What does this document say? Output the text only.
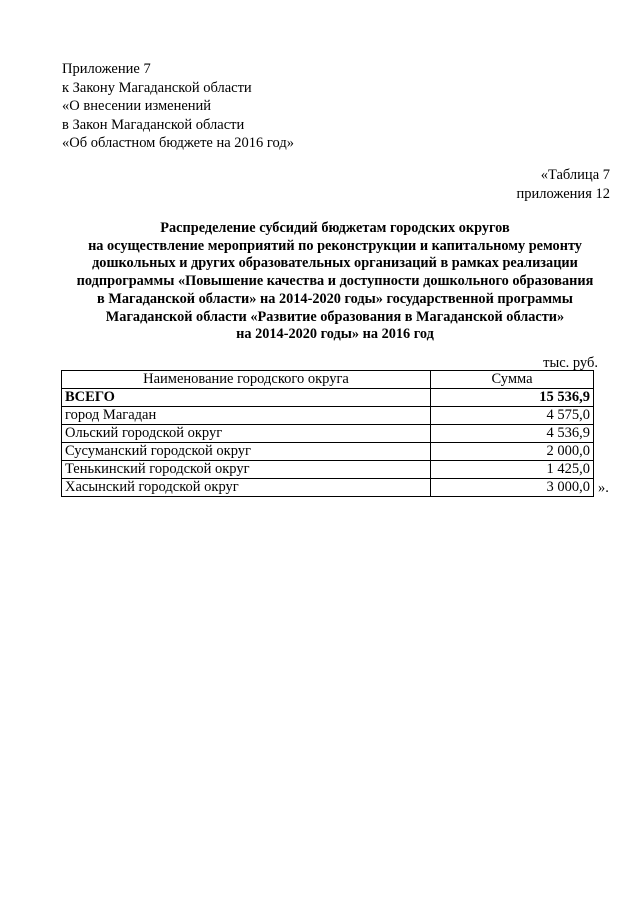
Приложение 7
к Закону Магаданской области
«О внесении изменений
в Закон Магаданской области
«Об областном бюджете на 2016 год»
«Таблица 7
приложения 12
Распределение субсидий бюджетам городских округов
на осуществление мероприятий по реконструкции и капитальному ремонту
дошкольных и других образовательных организаций в рамках реализации
подпрограммы «Повышение качества и доступности дошкольного образования
в Магаданской области» на 2014-2020 годы» государственной программы
Магаданской области «Развитие образования в Магаданской области»
на 2014-2020 годы» на 2016 год
тыс. руб.
Наименование городского округа	Сумма
ВСЕГО	15 536,9
город Магадан	4 575,0
Ольский городской округ	4 536,9
Сусуманский городской округ	2 000,0
Тенькинский городской округ	1 425,0
Хасынский городской округ	3 000,0 ».
